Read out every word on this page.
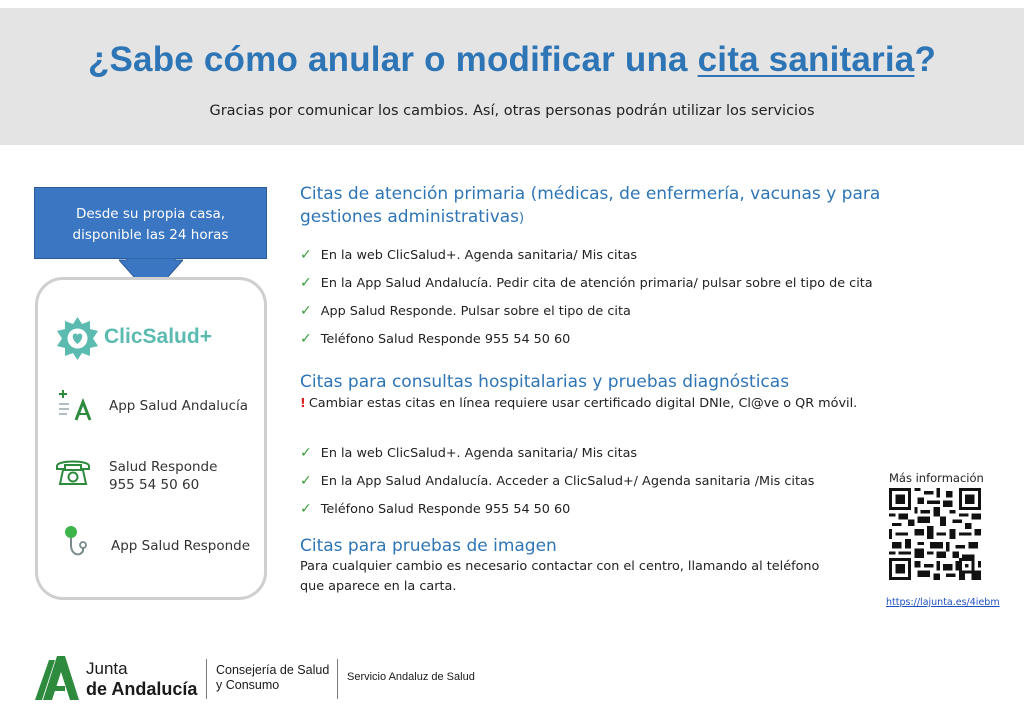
¿Sabe cómo anular o modificar una cita sanitaria?
Gracias por comunicar los cambios. Así, otras personas podrán utilizar los servicios
Desde su propia casa,
disponible las 24 horas
ClicSalud+
App Salud Andalucía
Salud Responde
955 54 50 60
App Salud Responde
Citas de atención primaria (médicas, de enfermería, vacunas y para
gestiones administrativas)
✓ En la web ClicSalud+. Agenda sanitaria/ Mis citas
✓ En la App Salud Andalucía. Pedir cita de atención primaria/ pulsar sobre el tipo de cita
✓ App Salud Responde. Pulsar sobre el tipo de cita
✓ Teléfono Salud Responde 955 54 50 60
Citas para consultas hospitalarias y pruebas diagnósticas
! Cambiar estas citas en línea requiere usar certificado digital DNIe, Cl@ve o QR móvil.
✓ En la web ClicSalud+. Agenda sanitaria/ Mis citas
✓ En la App Salud Andalucía. Acceder a ClicSalud+/ Agenda sanitaria /Mis citas
✓ Teléfono Salud Responde 955 54 50 60
Citas para pruebas de imagen
Para cualquier cambio es necesario contactar con el centro, llamando al teléfono
que aparece en la carta.
Más información
https://lajunta.es/4iebm
Junta
de Andalucía
Consejería de Salud
y Consumo
Servicio Andaluz de Salud
